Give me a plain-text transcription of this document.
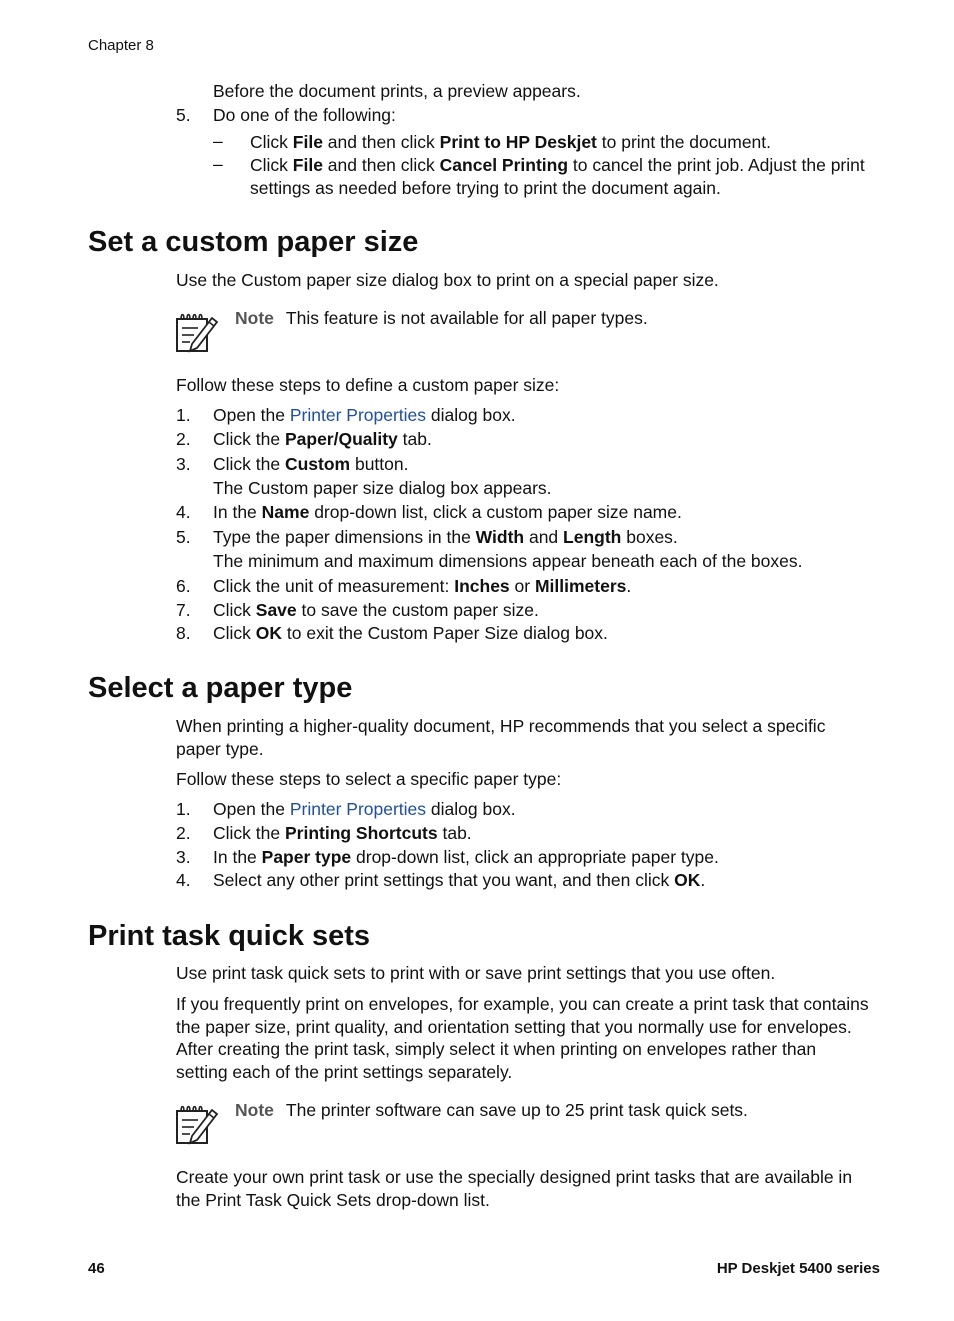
Chapter 8
Before the document prints, a preview appears.
5. Do one of the following:
– Click File and then click Print to HP Deskjet to print the document.
– Click File and then click Cancel Printing to cancel the print job. Adjust the print settings as needed before trying to print the document again.
Set a custom paper size
Use the Custom paper size dialog box to print on a special paper size.
Note This feature is not available for all paper types.
Follow these steps to define a custom paper size:
1. Open the Printer Properties dialog box.
2. Click the Paper/Quality tab.
3. Click the Custom button.
The Custom paper size dialog box appears.
4. In the Name drop-down list, click a custom paper size name.
5. Type the paper dimensions in the Width and Length boxes.
The minimum and maximum dimensions appear beneath each of the boxes.
6. Click the unit of measurement: Inches or Millimeters.
7. Click Save to save the custom paper size.
8. Click OK to exit the Custom Paper Size dialog box.
Select a paper type
When printing a higher-quality document, HP recommends that you select a specific paper type.
Follow these steps to select a specific paper type:
1. Open the Printer Properties dialog box.
2. Click the Printing Shortcuts tab.
3. In the Paper type drop-down list, click an appropriate paper type.
4. Select any other print settings that you want, and then click OK.
Print task quick sets
Use print task quick sets to print with or save print settings that you use often.
If you frequently print on envelopes, for example, you can create a print task that contains the paper size, print quality, and orientation setting that you normally use for envelopes. After creating the print task, simply select it when printing on envelopes rather than setting each of the print settings separately.
Note The printer software can save up to 25 print task quick sets.
Create your own print task or use the specially designed print tasks that are available in the Print Task Quick Sets drop-down list.
46	HP Deskjet 5400 series
